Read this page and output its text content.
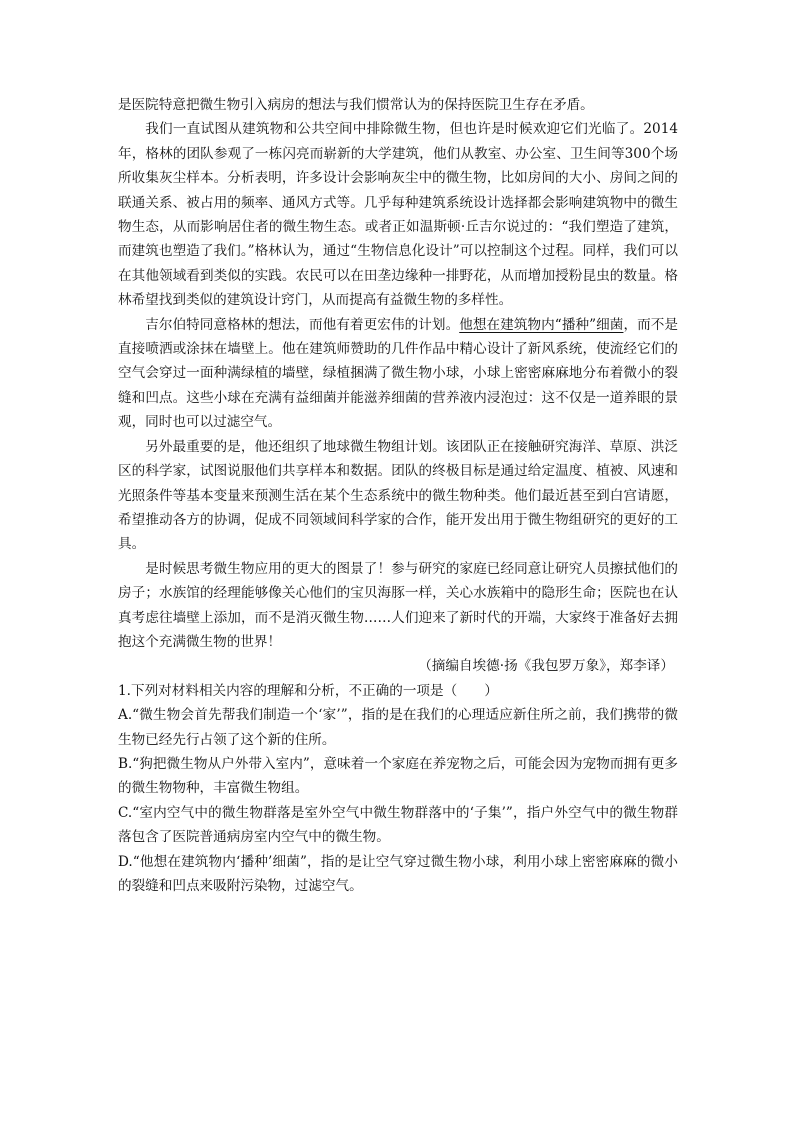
是医院特意把微生物引入病房的想法与我们惯常认为的保持医院卫生存在矛盾。

我们一直试图从建筑物和公共空间中排除微生物，但也许是时候欢迎它们光临了。2014年，格林的团队参观了一栋闪亮而崭新的大学建筑，他们从教室、办公室、卫生间等300个场所收集灰尘样本。分析表明，许多设计会影响灰尘中的微生物，比如房间的大小、房间之间的联通关系、被占用的频率、通风方式等。几乎每种建筑系统设计选择都会影响建筑物中的微生物生态，从而影响居住者的微生物生态。或者正如温斯顿·丘吉尔说过的：“我们塑造了建筑，而建筑也塑造了我们。”格林认为，通过“生物信息化设计”可以控制这个过程。同样，我们可以在其他领域看到类似的实践。农民可以在田垄边缘种一排野花，从而增加授粉昆虫的数量。格林希望找到类似的建筑设计窍门，从而提高有益微生物的多样性。

吉尔伯特同意格林的想法，而他有着更宏伟的计划。他想在建筑物内“播种”细菌，而不是直接喷洒或涂抹在墙壁上。他在建筑师赞助的几件作品中精心设计了新风系统，使流经它们的空气会穿过一面种满绿植的墙壁，绿植捆满了微生物小球，小球上密密麻麻地分布着微小的裂缝和凹点。这些小球在充满有益细菌并能滋养细菌的营养液内浸泡过：这不仅是一道养眼的景观，同时也可以过滤空气。

另外最重要的是，他还组织了地球微生物组计划。该团队正在接触研究海洋、草原、洪泛区的科学家，试图说服他们共享样本和数据。团队的终极目标是通过给定温度、植被、风速和光照条件等基本变量来预测生活在某个生态系统中的微生物种类。他们最近甚至到白宫请愿，希望推动各方的协调，促成不同领域间科学家的合作，能开发出用于微生物组研究的更好的工具。

是时候思考微生物应用的更大的图景了！参与研究的家庭已经同意让研究人员擦拭他们的房子；水族馆的经理能够像关心他们的宝贝海豚一样，关心水族箱中的隐形生命；医院也在认真考虑往墙壁上添加，而不是消灭微生物……人们迎来了新时代的开端，大家终于准备好去拥抱这个充满微生物的世界！

（摘编自埃德·扬《我包罗万象》，郑李译）

1.下列对材料相关内容的理解和分析，不正确的一项是（　　）

A.“微生物会首先帮我们制造一个‘家’”，指的是在我们的心理适应新住所之前，我们携带的微生物已经先行占领了这个新的住所。

B.“狗把微生物从户外带入室内”，意味着一个家庭在养宠物之后，可能会因为宠物而拥有更多的微生物物种，丰富微生物组。

C.“室内空气中的微生物群落是室外空气中微生物群落中的‘子集’”，指户外空气中的微生物群落包含了医院普通病房室内空气中的微生物。

D.“他想在建筑物内‘播种’细菌”，指的是让空气穿过微生物小球，利用小球上密密麻麻的微小的裂缝和凹点来吸附污染物，过滤空气。
